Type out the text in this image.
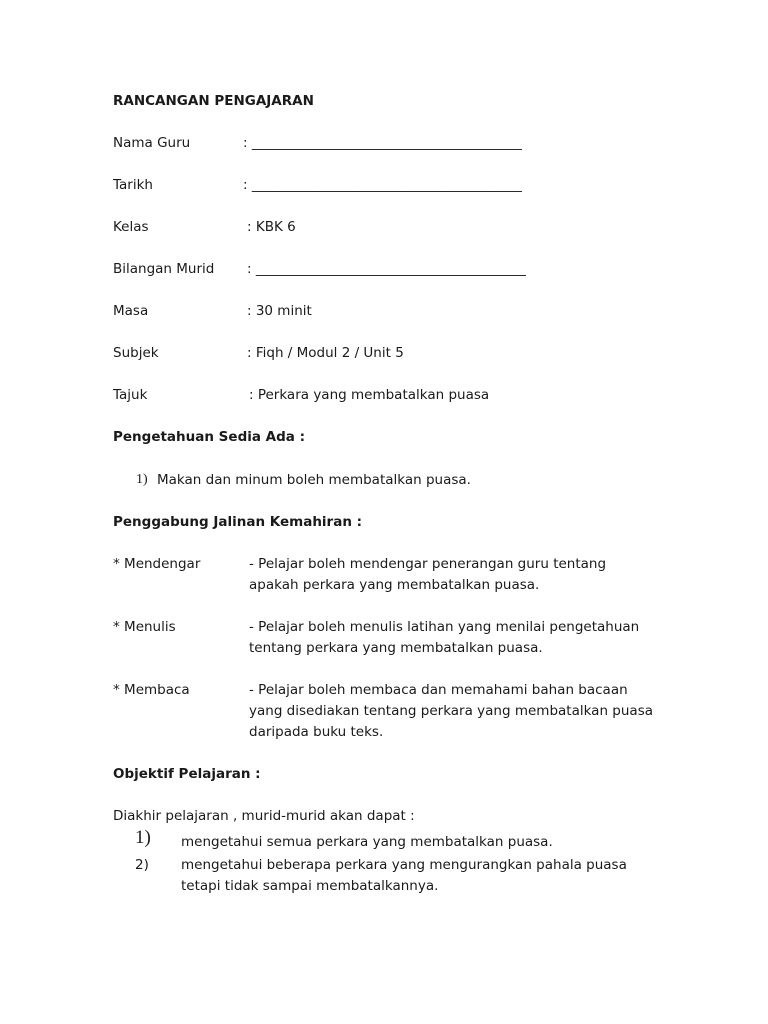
RANCANGAN PENGAJARAN
Nama Guru	: ________________________________________
Tarikh	: ________________________________________
Kelas	: KBK 6
Bilangan Murid : ________________________________________
Masa	: 30 minit
Subjek	: Fiqh / Modul 2 / Unit 5
Tajuk	: Perkara yang membatalkan puasa
Pengetahuan Sedia Ada :
1) Makan dan minum boleh membatalkan puasa.
Penggabung Jalinan Kemahiran :
* Mendengar	- Pelajar boleh mendengar penerangan guru tentang
apakah perkara yang membatalkan puasa.
* Menulis	- Pelajar boleh menulis latihan yang menilai pengetahuan
tentang perkara yang membatalkan puasa.
* Membaca	- Pelajar boleh membaca dan memahami bahan bacaan
yang disediakan tentang perkara yang membatalkan puasa
daripada buku teks.
Objektif Pelajaran :
Diakhir pelajaran , murid-murid akan dapat :
1) mengetahui semua perkara yang membatalkan puasa.
2) mengetahui beberapa perkara yang mengurangkan pahala puasa
tetapi tidak sampai membatalkannya.
